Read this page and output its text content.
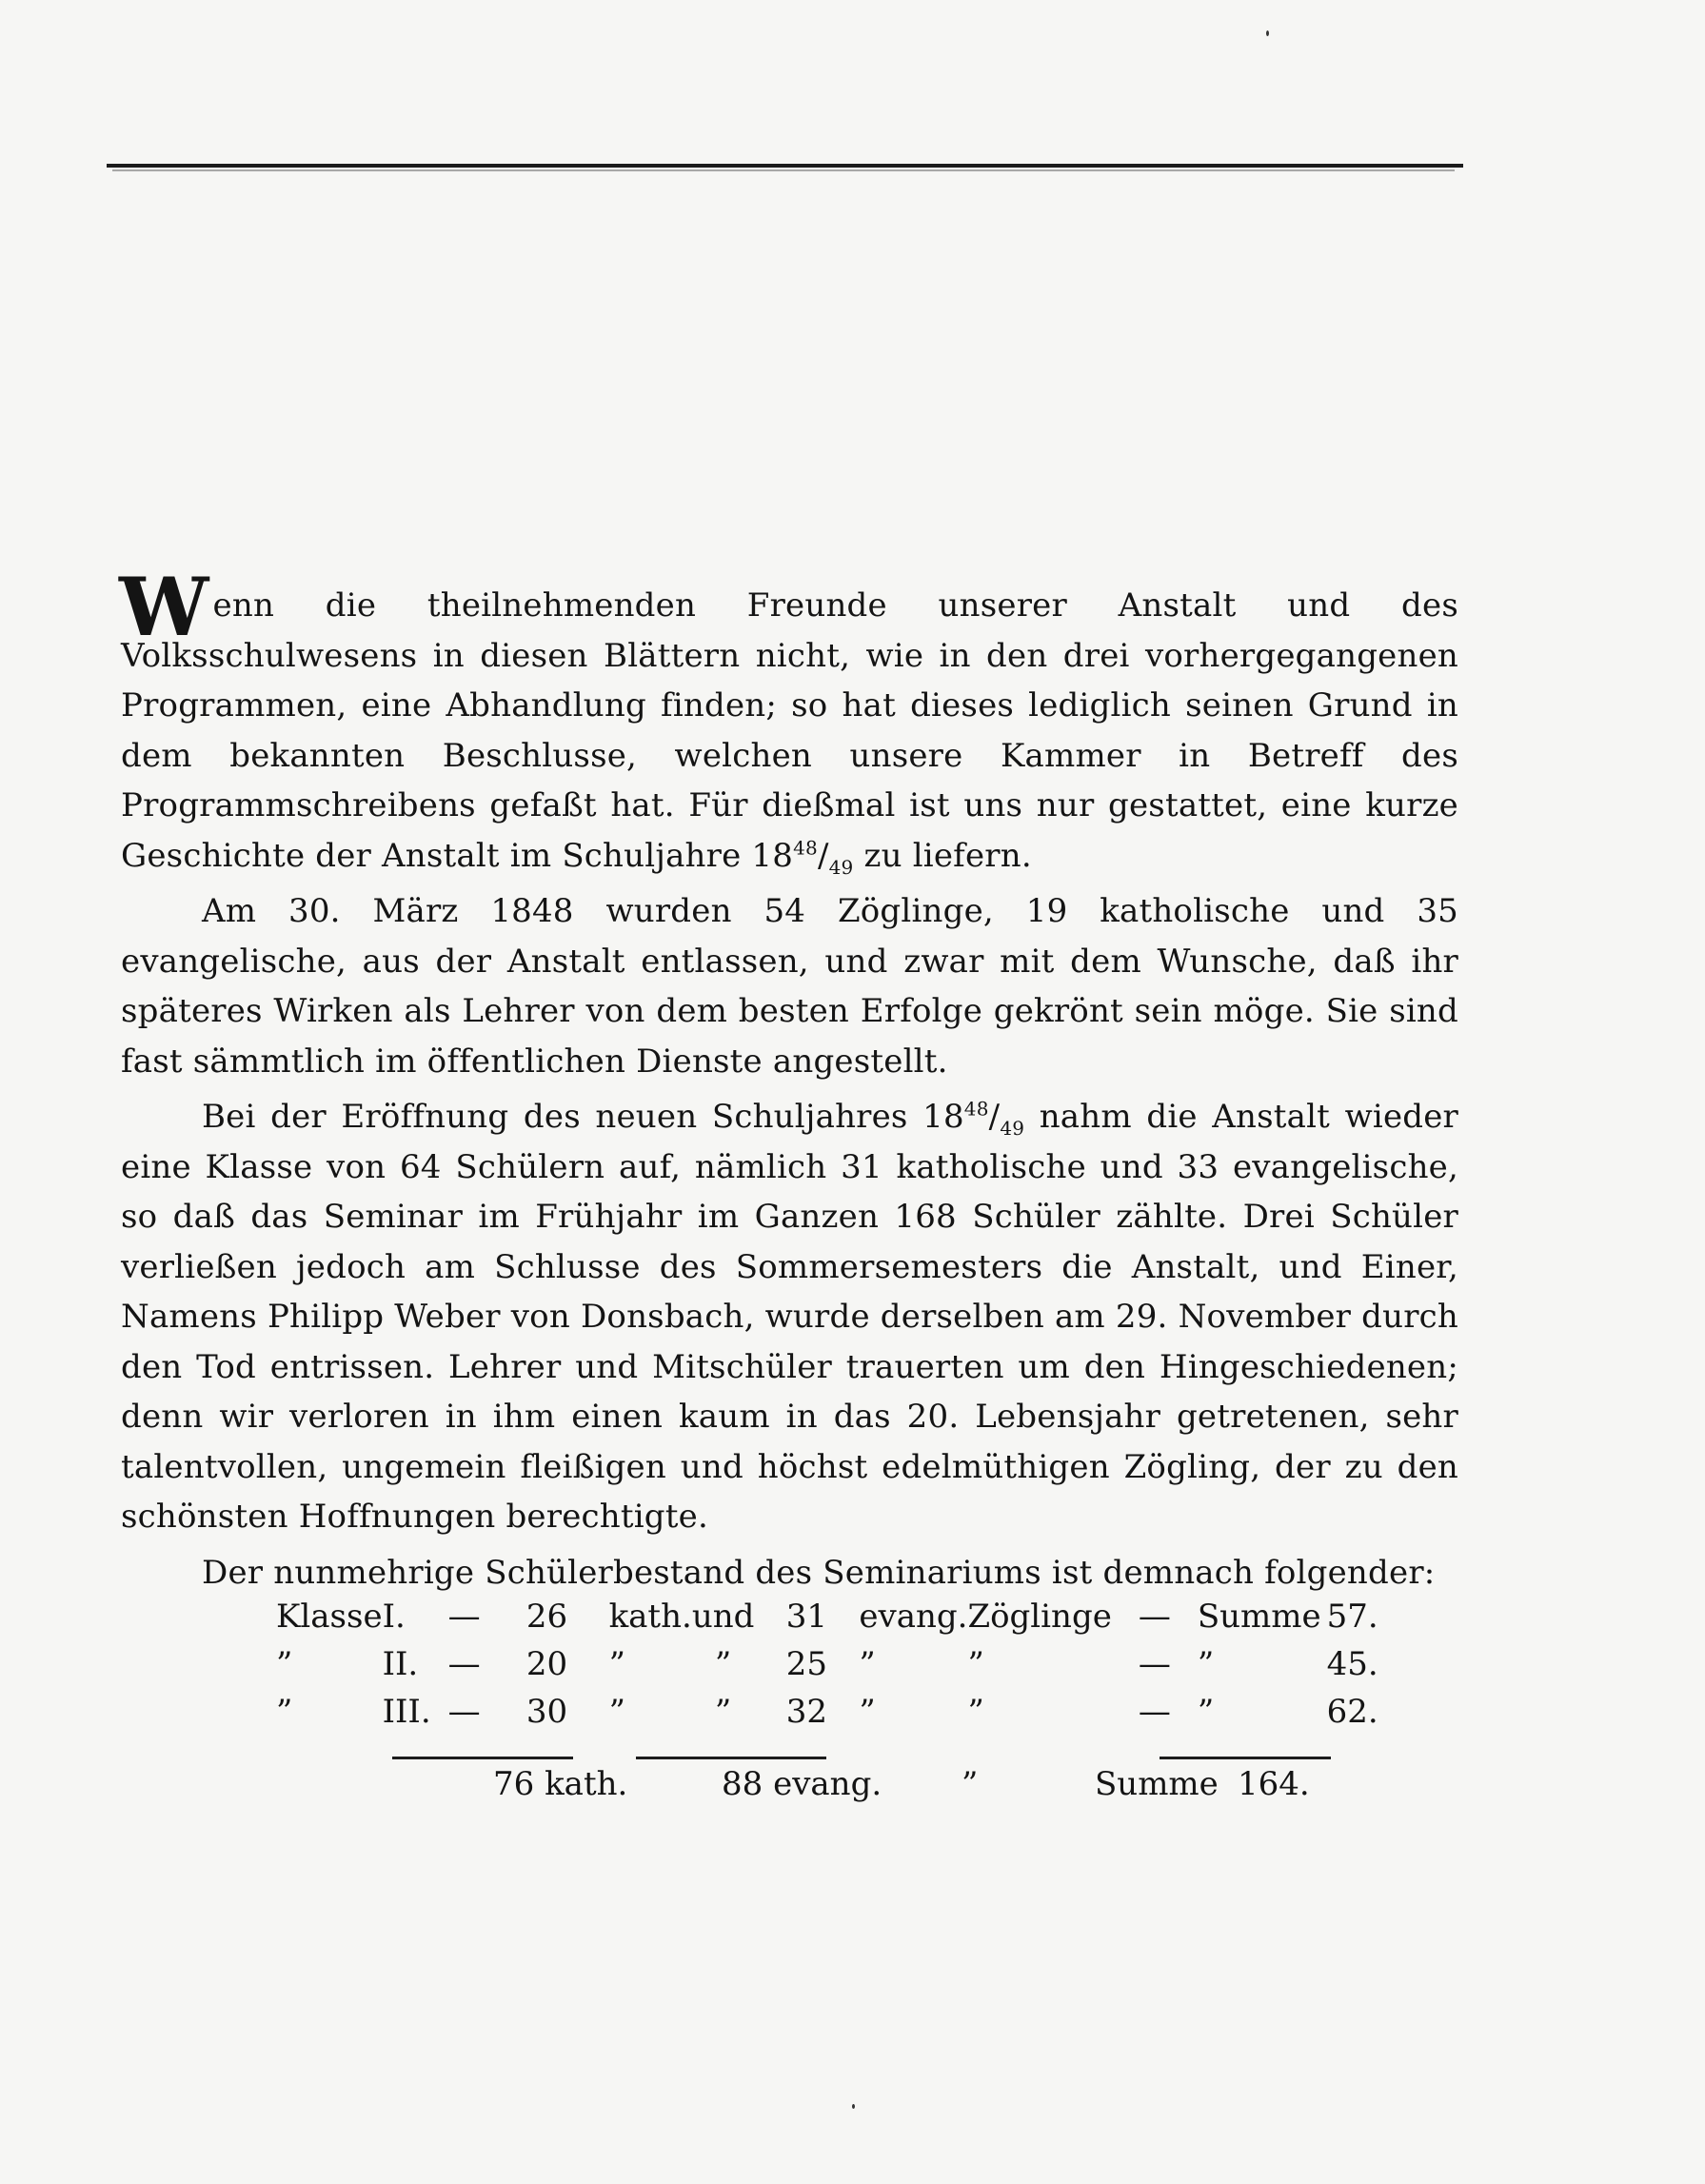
Wenn die theilnehmenden Freunde unserer Anstalt und des Volksschulwesens in diesen Blättern nicht, wie in den drei vorhergegangenen Programmen, eine Abhandlung finden; so hat dieses lediglich seinen Grund in dem bekannten Beschlusse, welchen unsere Kammer in Betreff des Programmschreibens gefaßt hat. Für dießmal ist uns nur gestattet, eine kurze Geschichte der Anstalt im Schuljahre $18^{48}/_{49}$ zu liefern.

Am 30. März 1848 wurden 54 Zöglinge, 19 katholische und 35 evangelische, aus der Anstalt entlassen, und zwar mit dem Wunsche, daß ihr späteres Wirken als Lehrer von dem besten Erfolge gekrönt sein möge. Sie sind fast sämmtlich im öffentlichen Dienste angestellt.

Bei der Eröffnung des neuen Schuljahres $18^{48}/_{49}$ nahm die Anstalt wieder eine Klasse von 64 Schülern auf, nämlich 31 katholische und 33 evangelische, so daß das Seminar im Frühjahr im Ganzen 168 Schüler zählte. Drei Schüler verließen jedoch am Schlusse des Sommersemesters die Anstalt, und Einer, Namens Philipp Weber von Donsbach, wurde derselben am 29. November durch den Tod entrissen. Lehrer und Mitschüler trauerten um den Hingeschiedenen; denn wir verloren in ihm einen kaum in das 20. Lebensjahr getretenen, sehr talentvollen, ungemein fleißigen und höchst edelmüthigen Zögling, der zu den schönsten Hoffnungen berechtigte.

Der nunmehrige Schülerbestand des Seminariums ist demnach folgender:

Klasse	I.	—	26	kath.	und	31	evang.	Zöglinge	—	Summe	57.
”	II.	—	20	”	”	25	”	”	—	”	45.
”	III.	—	30	”	”	32	”	”	—	”	62.
76 kath.	88 evang. ”	Summe 164.
